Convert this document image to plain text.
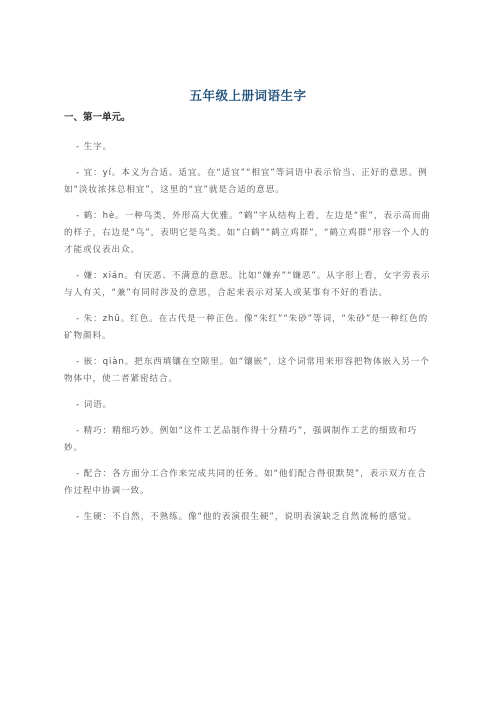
五年级上册词语生字
一、第一单元。

- 生字。

- 宜：yí。本义为合适、适宜。在“适宜”“相宜”等词语中表示恰当、正好的意思。例如“淡妆浓抹总相宜”，这里的“宜”就是合适的意思。

- 鹤：hè。一种鸟类，外形高大优雅。“鹤”字从结构上看，左边是“隺”，表示高而曲的样子，右边是“鸟”，表明它是鸟类。如“白鹤”“鹤立鸡群”，“鹤立鸡群”形容一个人的才能或仪表出众。

- 嫌：xián。有厌恶、不满意的意思。比如“嫌弃”“嫌恶”。从字形上看，女字旁表示与人有关，“兼”有同时涉及的意思，合起来表示对某人或某事有不好的看法。

- 朱：zhū。红色。在古代是一种正色。像“朱红”“朱砂”等词，“朱砂”是一种红色的矿物颜料。

- 嵌：qiàn。把东西填镶在空隙里。如“镶嵌”，这个词常用来形容把物体嵌入另一个物体中，使二者紧密结合。

- 词语。

- 精巧：精细巧妙。例如“这件工艺品制作得十分精巧”，强调制作工艺的细致和巧妙。

- 配合：各方面分工合作来完成共同的任务。如“他们配合得很默契”，表示双方在合作过程中协调一致。

- 生硬：不自然，不熟练。像“他的表演很生硬”，说明表演缺乏自然流畅的感觉。
